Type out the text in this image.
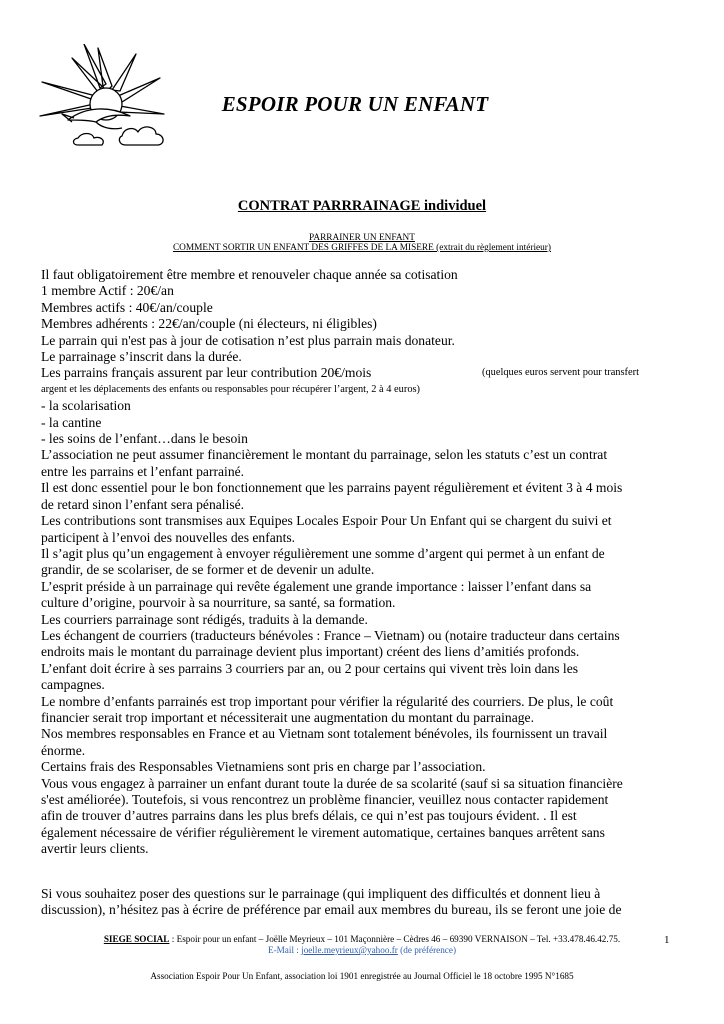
ESPOIR POUR UN ENFANT
CONTRAT PARRRAINAGE individuel
PARRAINER UN ENFANT
COMMENT SORTIR UN ENFANT DES GRIFFES DE LA MISERE (extrait du règlement intérieur)
Il faut obligatoirement être membre et renouveler chaque année sa cotisation
1 membre Actif : 20€/an
Membres actifs : 40€/an/couple
Membres adhérents : 22€/an/couple (ni électeurs, ni éligibles)
Le parrain qui n'est pas à jour de cotisation n’est plus parrain mais donateur.
Le parrainage s’inscrit dans la durée.
Les parrains français assurent par leur contribution 20€/mois	(quelques euros servent pour transfert
argent et les déplacements des enfants ou responsables pour récupérer l’argent, 2 à 4 euros)
- la scolarisation
- la cantine
- les soins de l’enfant…dans le besoin
L’association ne peut assumer financièrement le montant du parrainage, selon les statuts c’est un contrat
entre les parrains et l’enfant parrainé.
Il est donc essentiel pour le bon fonctionnement que les parrains payent régulièrement et évitent 3 à 4 mois
de retard sinon l’enfant sera pénalisé.
Les contributions sont transmises aux Equipes Locales Espoir Pour Un Enfant qui se chargent du suivi et
participent à l’envoi des nouvelles des enfants.
Il s’agit plus qu’un engagement à envoyer régulièrement une somme d’argent qui permet à un enfant de
grandir, de se scolariser, de se former et de devenir un adulte.
L’esprit préside à un parrainage qui revête également une grande importance : laisser l’enfant dans sa
culture d’origine, pourvoir à sa nourriture, sa santé, sa formation.
Les courriers parrainage sont rédigés, traduits à la demande.
Les échangent de courriers (traducteurs bénévoles : France – Vietnam) ou (notaire traducteur dans certains
endroits mais le montant du parrainage devient plus important) créent des liens d’amitiés profonds.
L’enfant doit écrire à ses parrains 3 courriers par an, ou 2 pour certains qui vivent très loin dans les
campagnes.
Le nombre d’enfants parrainés est trop important pour vérifier la régularité des courriers. De plus, le coût
financier serait trop important et nécessiterait une augmentation du montant du parrainage.
Nos membres responsables en France et au Vietnam sont totalement bénévoles, ils fournissent un travail
énorme.
Certains frais des Responsables Vietnamiens sont pris en charge par l’association.
Vous vous engagez à parrainer un enfant durant toute la durée de sa scolarité (sauf si sa situation financière
s'est améliorée). Toutefois, si vous rencontrez un problème financier, veuillez nous contacter rapidement
afin de trouver d’autres parrains dans les plus brefs délais, ce qui n’est pas toujours évident. . Il est
également nécessaire de vérifier régulièrement le virement automatique, certaines banques arrêtent sans
avertir leurs clients.
Si vous souhaitez poser des questions sur le parrainage (qui impliquent des difficultés et donnent lieu à
discussion), n’hésitez pas à écrire de préférence par email aux membres du bureau, ils se feront une joie de
SIEGE SOCIAL : Espoir pour un enfant – Joëlle Meyrieux – 101 Maçonnière – Cèdres 46 – 69390 VERNAISON – Tel. +33.478.46.42.75.	1
E-Mail : joelle.meyrieux@yahoo.fr (de préférence)
Association Espoir Pour Un Enfant, association loi 1901 enregistrée au Journal Officiel le 18 octobre 1995 N°1685
